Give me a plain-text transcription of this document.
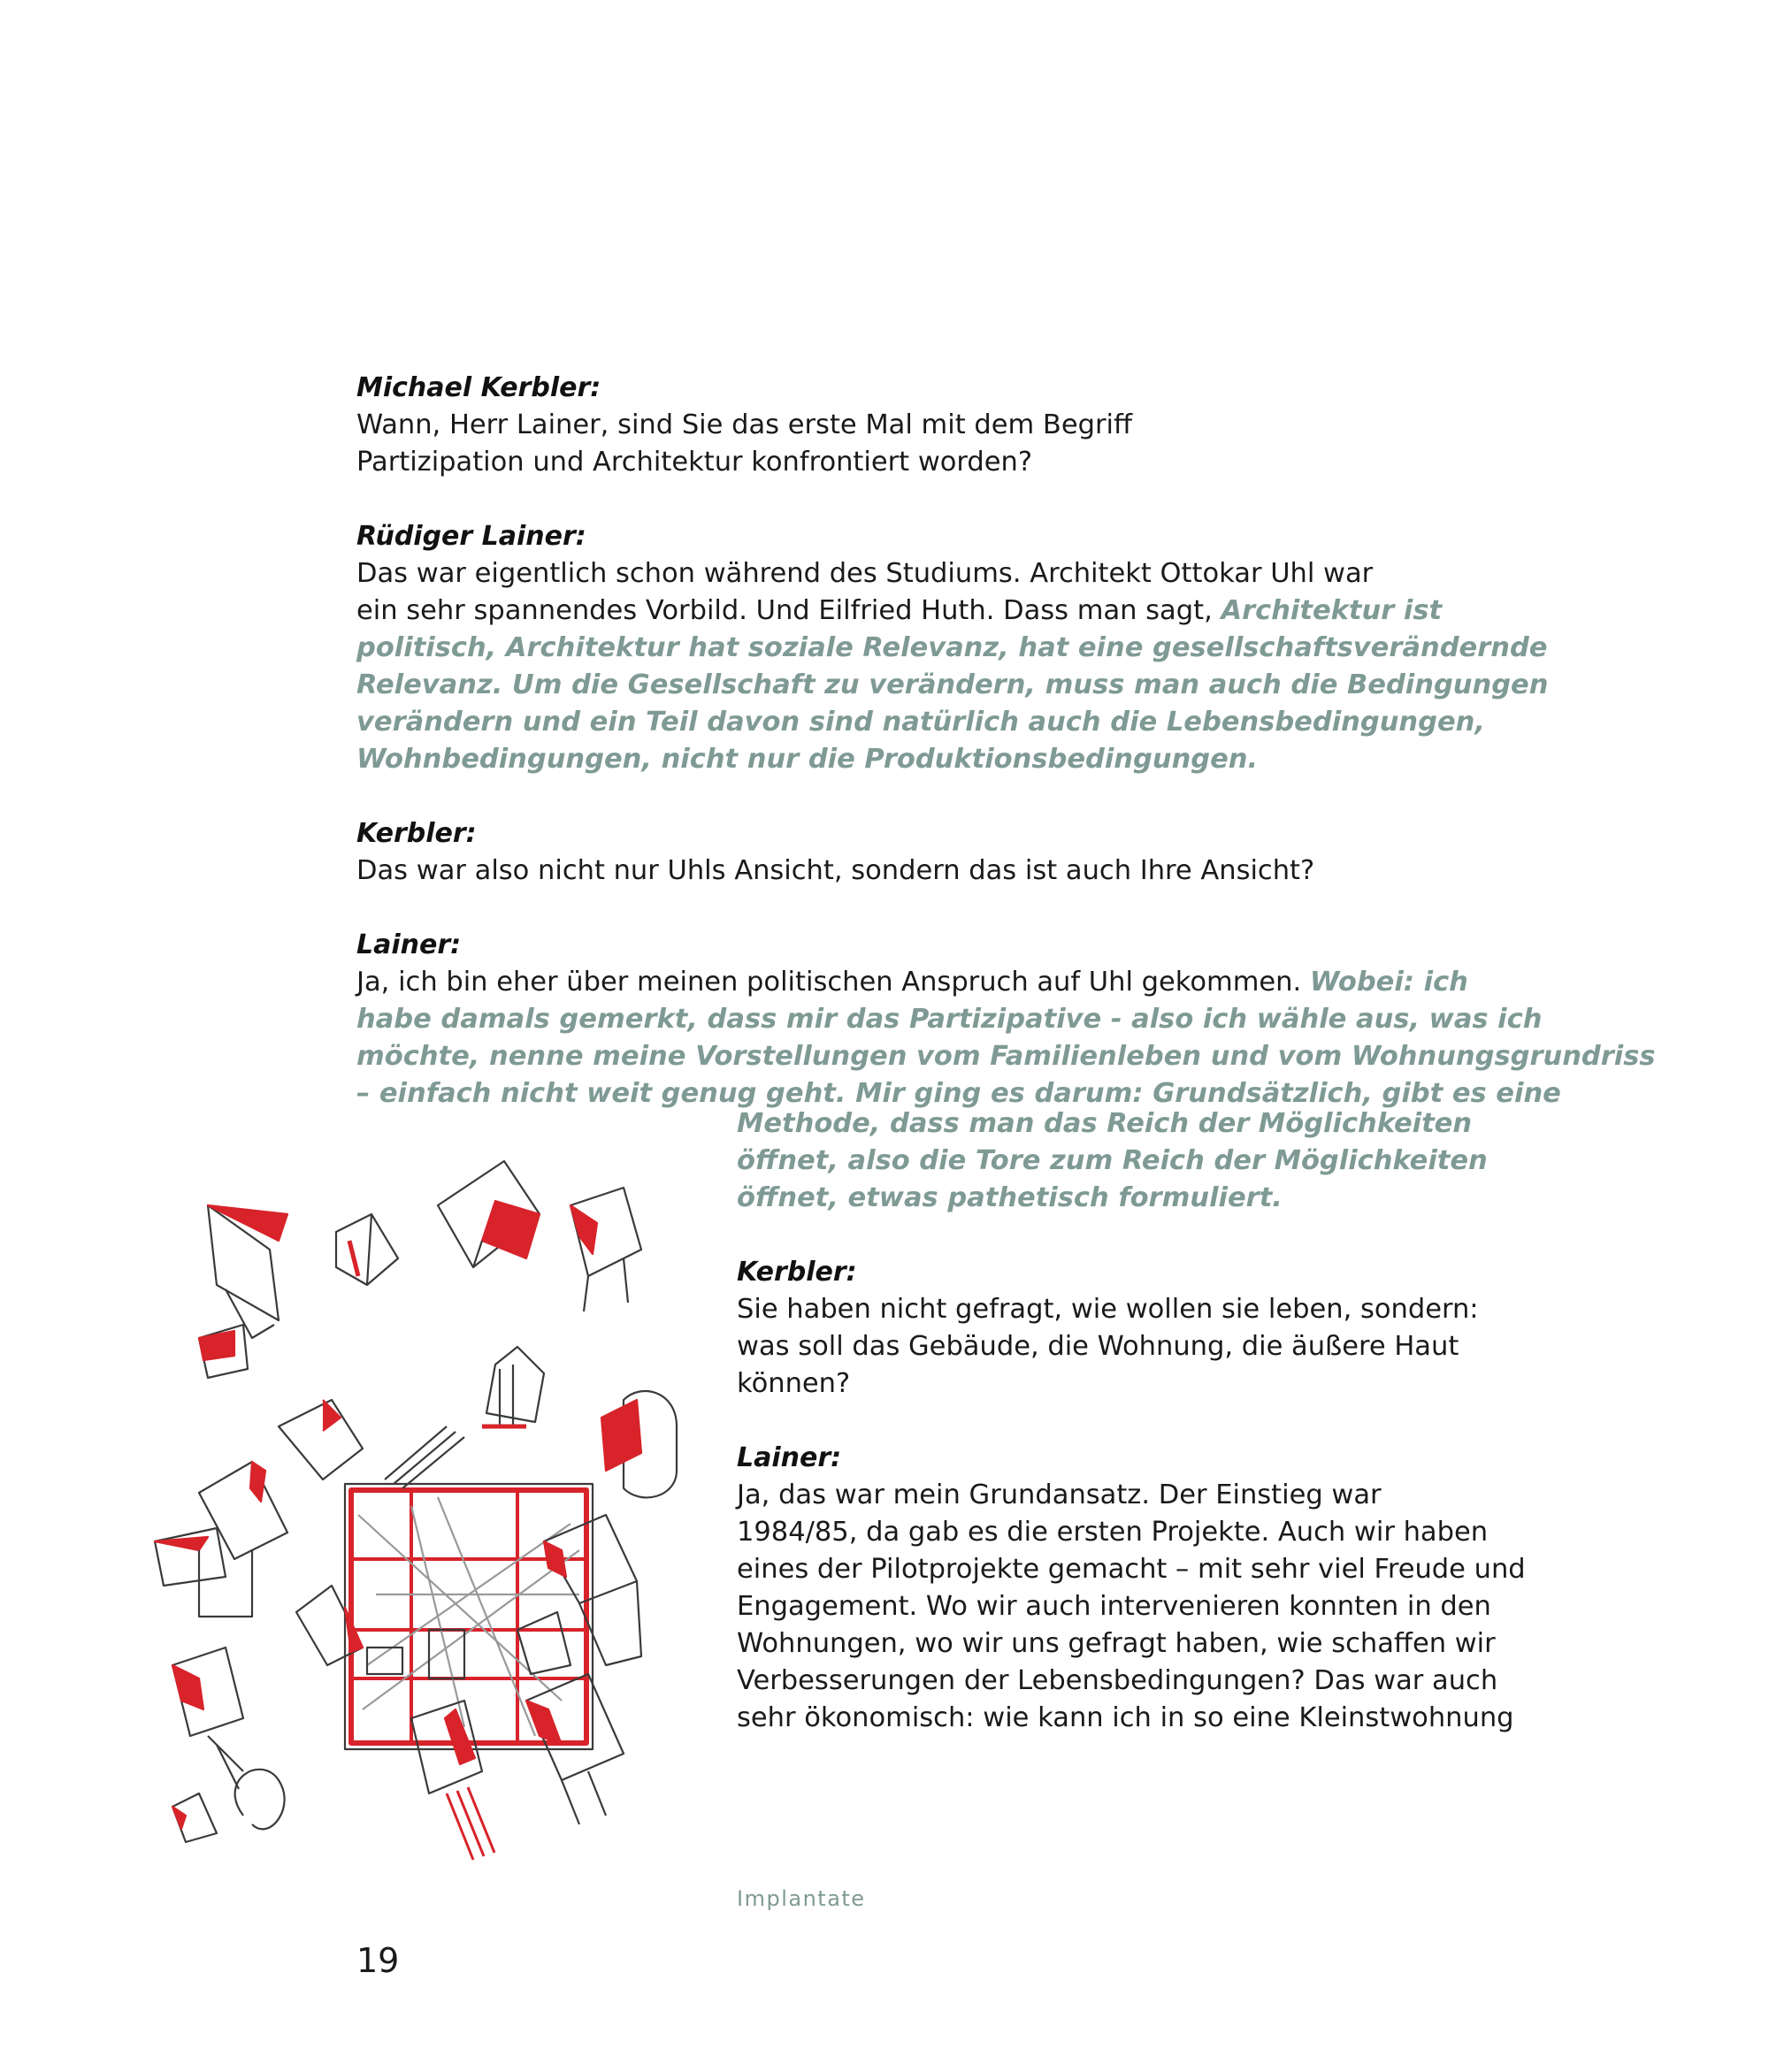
Michael Kerbler:

Wann, Herr Lainer, sind Sie das erste Mal mit dem Begriff
Partizipation und Architektur konfrontiert worden?

Rüdiger Lainer:

Das war eigentlich schon während des Studiums. Architekt Ottokar Uhl war
ein sehr spannendes Vorbild. Und Eilfried Huth. Dass man sagt, Architektur ist
politisch, Architektur hat soziale Relevanz, hat eine gesellschaftsverändernde
Relevanz. Um die Gesellschaft zu verändern, muss man auch die Bedingungen
verändern und ein Teil davon sind natürlich auch die Lebensbedingungen,
Wohnbedingungen, nicht nur die Produktionsbedingungen.

Kerbler:

Das war also nicht nur Uhls Ansicht, sondern das ist auch Ihre Ansicht?

Lainer:

Ja, ich bin eher über meinen politischen Anspruch auf Uhl gekommen. Wobei: ich
habe damals gemerkt, dass mir das Partizipative - also ich wähle aus, was ich
möchte, nenne meine Vorstellungen vom Familienleben und vom Wohnungsgrundriss
– einfach nicht weit genug geht. Mir ging es darum: Grundsätzlich, gibt es eine

Methode, dass man das Reich der Möglichkeiten
öffnet, also die Tore zum Reich der Möglichkeiten
öffnet, etwas pathetisch formuliert.

Kerbler:

Sie haben nicht gefragt, wie wollen sie leben, sondern:
was soll das Gebäude, die Wohnung, die äußere Haut
können?

Lainer:

Ja, das war mein Grundansatz. Der Einstieg war
1984/85, da gab es die ersten Projekte. Auch wir haben
eines der Pilotprojekte gemacht – mit sehr viel Freude und
Engagement. Wo wir auch intervenieren konnten in den
Wohnungen, wo wir uns gefragt haben, wie schaffen wir
Verbesserungen der Lebensbedingungen? Das war auch
sehr ökonomisch: wie kann ich in so eine Kleinstwohnung

Implantate
19
